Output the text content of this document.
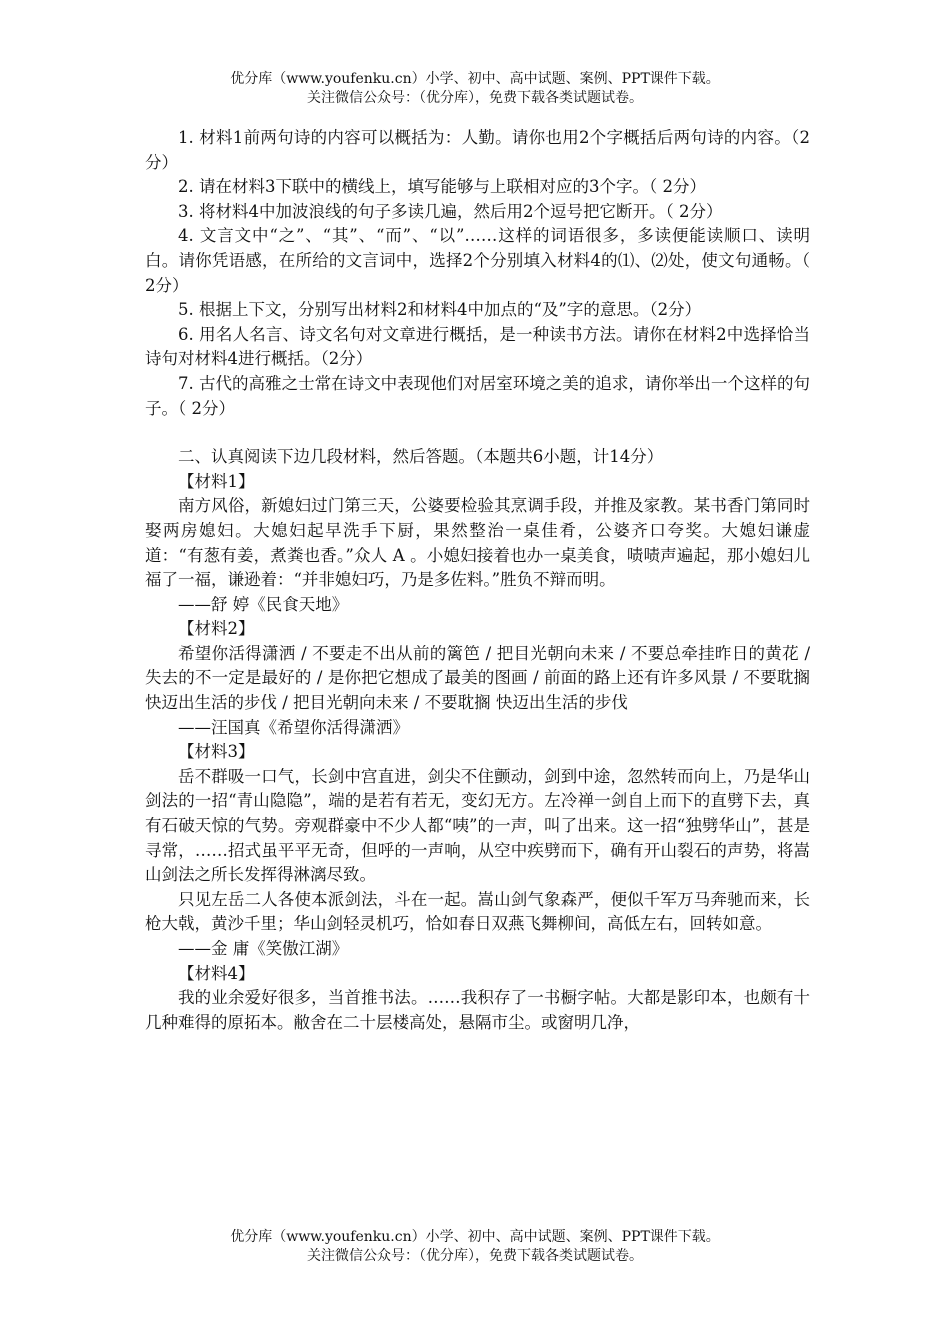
优分库（www.youfenku.cn）小学、初中、高中试题、案例、PPT课件下载。
关注微信公众号：（优分库），免费下载各类试题试卷。

1. 材料1前两句诗的内容可以概括为：人勤。请你也用2个字概括后两句诗的内容。（2分）

2. 请在材料3下联中的横线上，填写能够与上联相对应的3个字。（ 2分）

3. 将材料4中加波浪线的句子多读几遍，然后用2个逗号把它断开。（ 2分）

4. 文言文中“之”、“其”、“而”、“以”……这样的词语很多，多读便能读顺口、读明白。请你凭语感，在所给的文言词中，选择2个分别填入材料4的⑴、⑵处，使文句通畅。（ 2分）

5. 根据上下文，分别写出材料2和材料4中加点的“及”字的意思。（2分）

6. 用名人名言、诗文名句对文章进行概括，是一种读书方法。请你在材料2中选择恰当诗句对材料4进行概括。（2分）

7. 古代的高雅之士常在诗文中表现他们对居室环境之美的追求，请你举出一个这样的句子。（ 2分）

二、认真阅读下边几段材料，然后答题。（本题共6小题，计14分）

【材料1】

南方风俗，新媳妇过门第三天，公婆要检验其烹调手段，并推及家教。某书香门第同时娶两房媳妇。大媳妇起早洗手下厨，果然整治一桌佳肴，公婆齐口夸奖。大媳妇谦虚道：“有葱有姜，煮粪也香。”众人 A 。小媳妇接着也办一桌美食，啧啧声遍起，那小媳妇儿福了一福，谦逊着：“并非媳妇巧，乃是多佐料。”胜负不辩而明。

——舒 婷《民食天地》

【材料2】

希望你活得潇洒 / 不要走不出从前的篱笆 / 把目光朝向未来 / 不要总牵挂昨日的黄花 /失去的不一定是最好的 / 是你把它想成了最美的图画 / 前面的路上还有许多风景 / 不要耽搁快迈出生活的步伐 / 把目光朝向未来 / 不要耽搁 快迈出生活的步伐

——汪国真《希望你活得潇洒》

【材料3】

岳不群吸一口气，长剑中宫直进，剑尖不住颤动，剑到中途，忽然转而向上，乃是华山剑法的一招“青山隐隐”，端的是若有若无，变幻无方。左冷禅一剑自上而下的直劈下去，真有石破天惊的气势。旁观群豪中不少人都“咦”的一声，叫了出来。这一招“独劈华山”，甚是寻常，……招式虽平平无奇，但呼的一声响，从空中疾劈而下，确有开山裂石的声势，将嵩山剑法之所长发挥得淋漓尽致。

只见左岳二人各使本派剑法，斗在一起。嵩山剑气象森严，便似千军万马奔驰而来，长枪大戟，黄沙千里；华山剑轻灵机巧，恰如春日双燕飞舞柳间，高低左右，回转如意。

——金 庸《笑傲江湖》

【材料4】

我的业余爱好很多，当首推书法。……我积存了一书橱字帖。大都是影印本，也颇有十几种难得的原拓本。敝舍在二十层楼高处，悬隔市尘。或窗明几净，

优分库（www.youfenku.cn）小学、初中、高中试题、案例、PPT课件下载。
关注微信公众号：（优分库），免费下载各类试题试卷。
